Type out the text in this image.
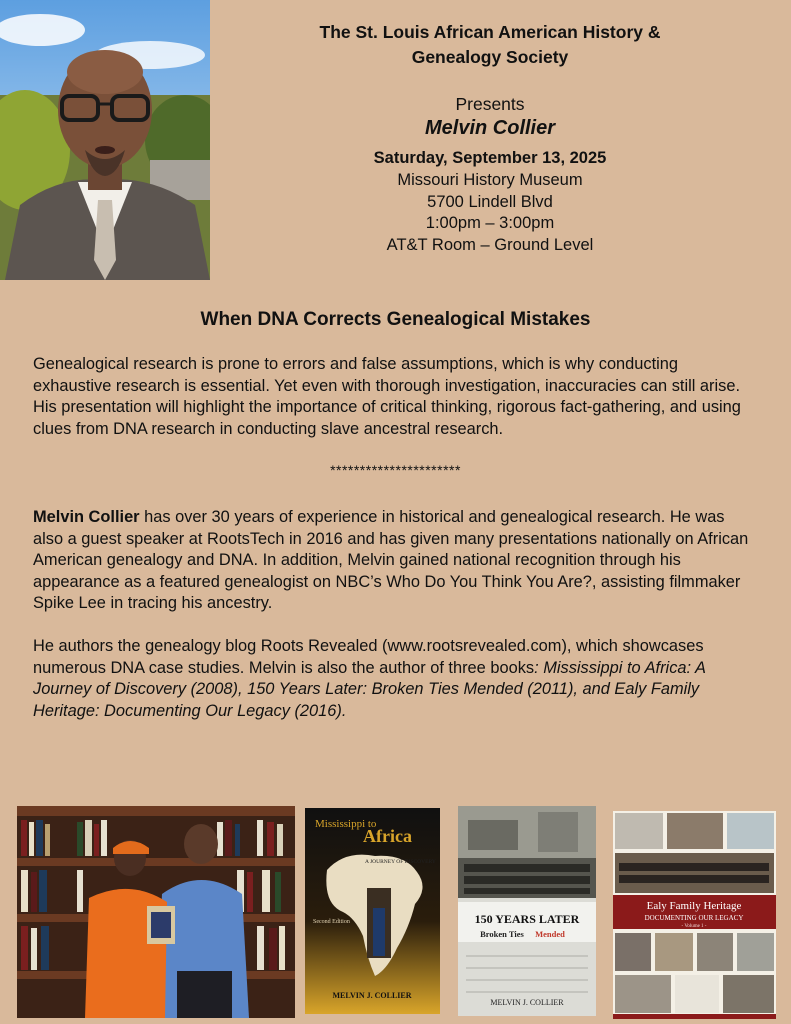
The St. Louis African American History &
Genealogy Society
Presents
Melvin Collier
Saturday, September 13, 2025
Missouri History Museum
5700 Lindell Blvd
1:00pm – 3:00pm
AT&T Room – Ground Level
When DNA Corrects Genealogical Mistakes

Genealogical research is prone to errors and false assumptions, which is why conducting exhaustive research is essential. Yet even with thorough investigation, inaccuracies can still arise. His presentation will highlight the importance of critical thinking, rigorous fact-gathering, and using clues from DNA research in conducting slave ancestral research.

**********************

Melvin Collier has over 30 years of experience in historical and genealogical research. He was also a guest speaker at RootsTech in 2016 and has given many presentations nationally on African American genealogy and DNA. In addition, Melvin gained national recognition through his appearance as a featured genealogist on NBC’s Who Do You Think You Are?, assisting filmmaker Spike Lee in tracing his ancestry.

He authors the genealogy blog Roots Revealed (www.rootsrevealed.com), which showcases numerous DNA case studies. Melvin is also the author of three books: Mississippi to Africa: A Journey of Discovery (2008), 150 Years Later: Broken Ties Mended (2011), and Ealy Family Heritage: Documenting Our Legacy (2016).

Mississippi to
Africa
A JOURNEY OF DISCOVERY
Second Edition
MELVIN J. COLLIER
150 YEARS LATER
Broken Ties Mended
MELVIN J. COLLIER
Ealy Family Heritage
DOCUMENTING OUR LEGACY
- Volume 1 -
